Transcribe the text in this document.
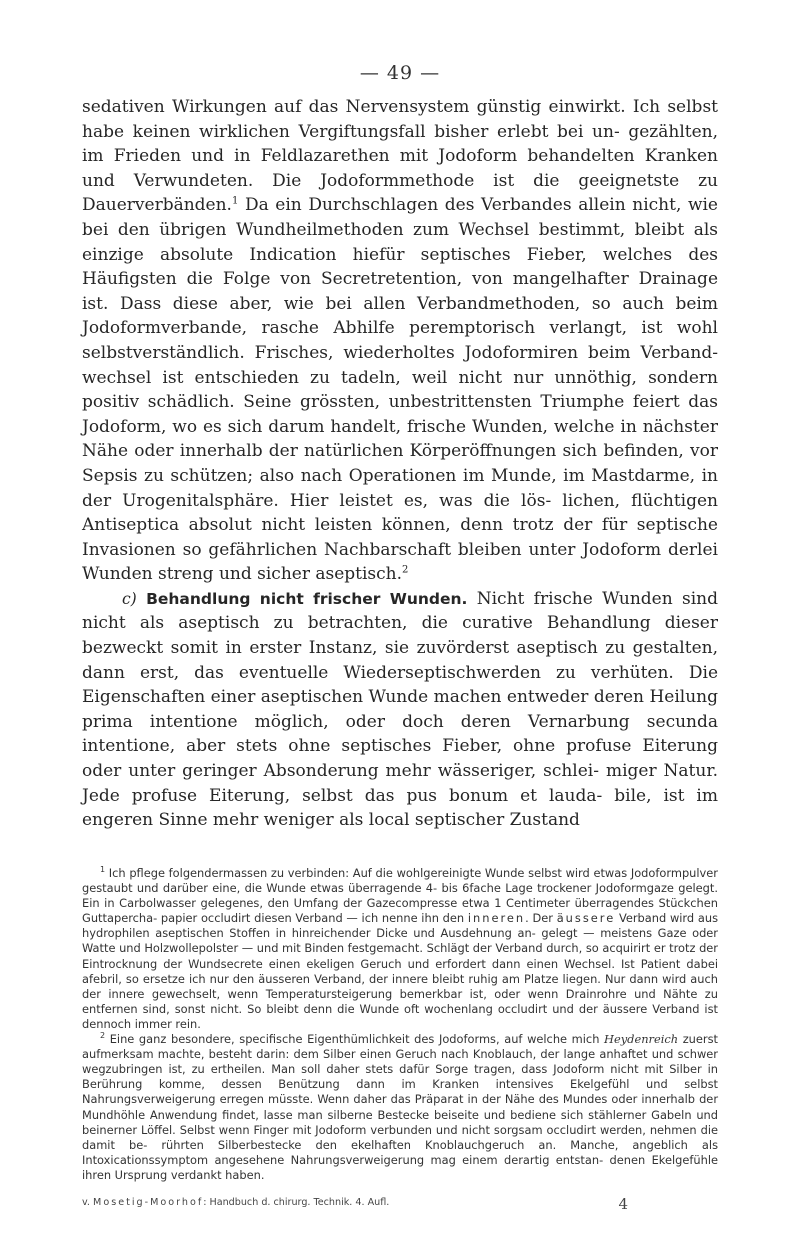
— 49 —

sedativen Wirkungen auf das Nervensystem günstig einwirkt. Ich selbst habe keinen wirklichen Vergiftungsfall bisher erlebt bei un- gezählten, im Frieden und in Feldlazarethen mit Jodoform behandelten Kranken und Verwundeten. Die Jodoformmethode ist die geeignetste zu Dauerverbänden.$^1$ Da ein Durchschlagen des Verbandes allein nicht, wie bei den übrigen Wundheilmethoden zum Wechsel bestimmt, bleibt als einzige absolute Indication hiefür septisches Fieber, welches des Häufigsten die Folge von Secretretention, von mangelhafter Drainage ist. Dass diese aber, wie bei allen Verbandmethoden, so auch beim Jodoformverbande, rasche Abhilfe peremptorisch verlangt, ist wohl selbstverständlich. Frisches, wiederholtes Jodoformiren beim Verband- wechsel ist entschieden zu tadeln, weil nicht nur unnöthig, sondern positiv schädlich. Seine grössten, unbestrittensten Triumphe feiert das Jodoform, wo es sich darum handelt, frische Wunden, welche in nächster Nähe oder innerhalb der natürlichen Körperöffnungen sich befinden, vor Sepsis zu schützen; also nach Operationen im Munde, im Mastdarme, in der Urogenitalsphäre. Hier leistet es, was die lös- lichen, flüchtigen Antiseptica absolut nicht leisten können, denn trotz der für septische Invasionen so gefährlichen Nachbarschaft bleiben unter Jodoform derlei Wunden streng und sicher aseptisch.$^2$

c) Behandlung nicht frischer Wunden. Nicht frische Wunden sind nicht als aseptisch zu betrachten, die curative Behandlung dieser bezweckt somit in erster Instanz, sie zuvörderst aseptisch zu gestalten, dann erst, das eventuelle Wiederseptischwerden zu verhüten. Die Eigenschaften einer aseptischen Wunde machen entweder deren Heilung prima intentione möglich, oder doch deren Vernarbung secunda intentione, aber stets ohne septisches Fieber, ohne profuse Eiterung oder unter geringer Absonderung mehr wässeriger, schlei- miger Natur. Jede profuse Eiterung, selbst das pus bonum et lauda- bile, ist im engeren Sinne mehr weniger als local septischer Zustand

$^1$ Ich pflege folgendermassen zu verbinden: Auf die wohlgereinigte Wunde selbst wird etwas Jodoformpulver gestaubt und darüber eine, die Wunde etwas überragende 4- bis 6fache Lage trockener Jodoformgaze gelegt. Ein in Carbolwasser gelegenes, den Umfang der Gazecompresse etwa 1 Centimeter überragendes Stückchen Guttapercha- papier occludirt diesen Verband — ich nenne ihn den inneren. Der äussere Verband wird aus hydrophilen aseptischen Stoffen in hinreichender Dicke und Ausdehnung an- gelegt — meistens Gaze oder Watte und Holzwollepolster — und mit Binden festgemacht. Schlägt der Verband durch, so acquirirt er trotz der Eintrocknung der Wundsecrete einen ekeligen Geruch und erfordert dann einen Wechsel. Ist Patient dabei afebril, so ersetze ich nur den äusseren Verband, der innere bleibt ruhig am Platze liegen. Nur dann wird auch der innere gewechselt, wenn Temperatursteigerung bemerkbar ist, oder wenn Drainrohre und Nähte zu entfernen sind, sonst nicht. So bleibt denn die Wunde oft wochenlang occludirt und der äussere Verband ist dennoch immer rein.

$^2$ Eine ganz besondere, specifische Eigenthümlichkeit des Jodoforms, auf welche mich Heydenreich zuerst aufmerksam machte, besteht darin: dem Silber einen Geruch nach Knoblauch, der lange anhaftet und schwer wegzubringen ist, zu ertheilen. Man soll daher stets dafür Sorge tragen, dass Jodoform nicht mit Silber in Berührung komme, dessen Benützung dann im Kranken intensives Ekelgefühl und selbst Nahrungsverweigerung erregen müsste. Wenn daher das Präparat in der Nähe des Mundes oder innerhalb der Mundhöhle Anwendung findet, lasse man silberne Bestecke beiseite und bediene sich stählerner Gabeln und beinerner Löffel. Selbst wenn Finger mit Jodoform verbunden und nicht sorgsam occludirt werden, nehmen die damit be- rührten Silberbestecke den ekelhaften Knoblauchgeruch an. Manche, angeblich als Intoxicationssymptom angesehene Nahrungsverweigerung mag einem derartig entstan- denen Ekelgefühle ihren Ursprung verdankt haben.

v. Mosetig-Moorhof: Handbuch d. chirurg. Technik. 4. Aufl.	4
